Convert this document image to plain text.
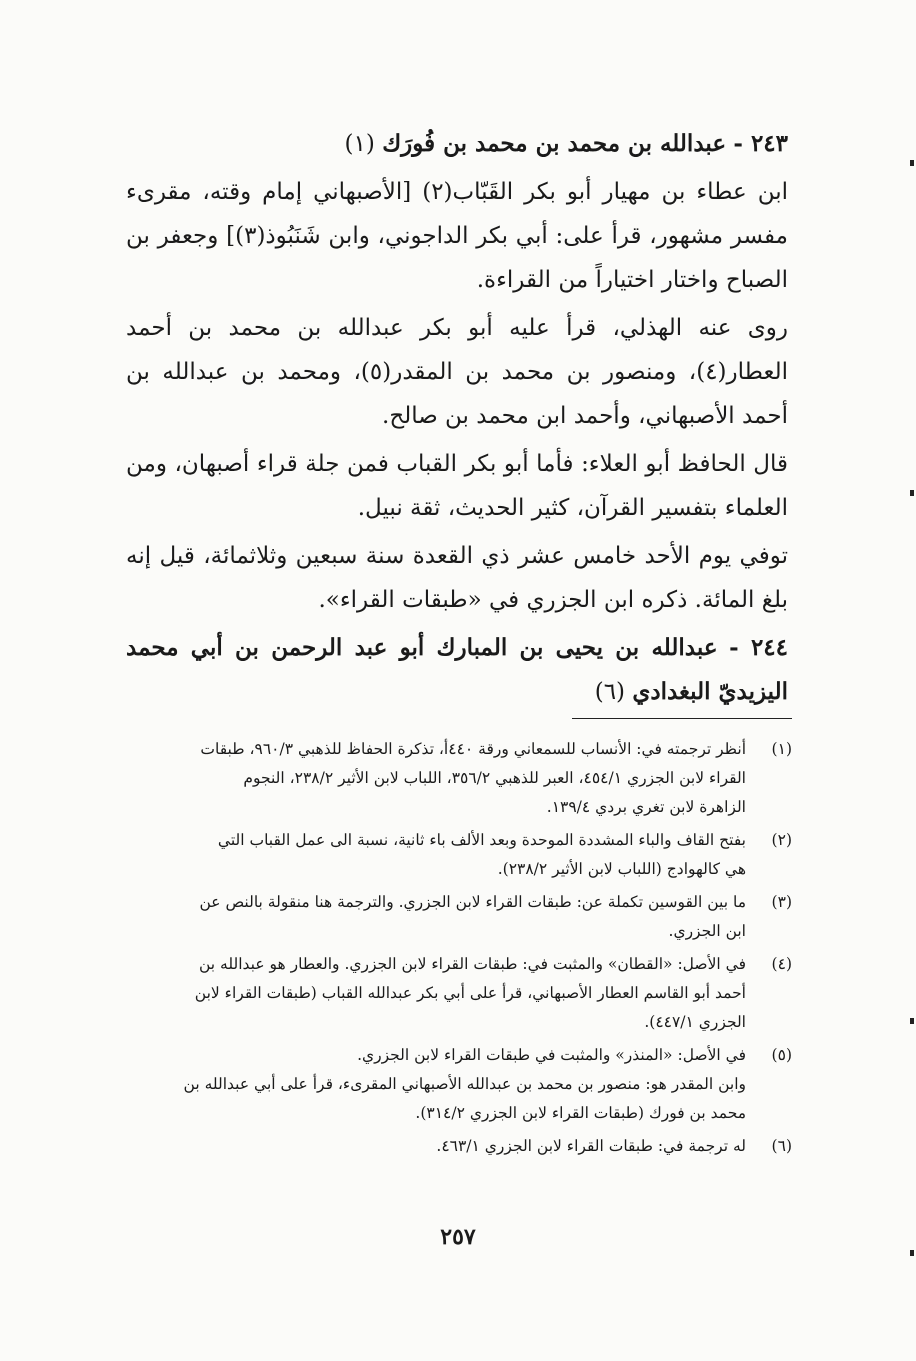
٢٤٣ - عبدالله بن محمد بن محمد بن فُورَك (١)

ابن عطاء بن مهيار أبو بكر القَبّاب(٢) [الأصبهاني إمام وقته، مقرىء مفسر مشهور، قرأ على: أبي بكر الداجوني، وابن شَنَبُوذ(٣)] وجعفر بن الصباح واختار اختياراً من القراءة.

روى عنه الهذلي، قرأ عليه أبو بكر عبدالله بن محمد بن أحمد العطار(٤)، ومنصور بن محمد بن المقدر(٥)، ومحمد بن عبدالله بن أحمد الأصبهاني، وأحمد ابن محمد بن صالح.

قال الحافظ أبو العلاء: فأما أبو بكر القباب فمن جلة قراء أصبهان، ومن العلماء بتفسير القرآن، كثير الحديث، ثقة نبيل.

توفي يوم الأحد خامس عشر ذي القعدة سنة سبعين وثلاثمائة، قيل إنه بلغ المائة. ذكره ابن الجزري في «طبقات القراء».

٢٤٤ - عبدالله بن يحيى بن المبارك أبو عبد الرحمن بن أبي محمد اليزيديّ البغدادي (٦)

(١)
أنظر ترجمته في: الأنساب للسمعاني ورقة ٤٤٠أ، تذكرة الحفاظ للذهبي ٩٦٠/٣، طبقات
القراء لابن الجزري ٤٥٤/١، العبر للذهبي ٣٥٦/٢، اللباب لابن الأثير ٢٣٨/٢، النجوم
الزاهرة لابن تغري بردي ١٣٩/٤.
(٢)
بفتح القاف والباء المشددة الموحدة وبعد الألف باء ثانية، نسبة الى عمل القباب التي
هي كالهوادج (اللباب لابن الأثير ٢٣٨/٢).
(٣)
ما بين القوسين تكملة عن: طبقات القراء لابن الجزري. والترجمة هنا منقولة بالنص عن
ابن الجزري.
(٤)
في الأصل: «القطان» والمثبت في: طبقات القراء لابن الجزري. والعطار هو عبدالله بن
أحمد أبو القاسم العطار الأصبهاني، قرأ على أبي بكر عبدالله القباب (طبقات القراء لابن
الجزري ٤٤٧/١).
(٥)
في الأصل: «المنذر» والمثبت في طبقات القراء لابن الجزري.
وابن المقدر هو: منصور بن محمد بن عبدالله الأصبهاني المقرىء، قرأ على أبي عبدالله بن
محمد بن فورك (طبقات القراء لابن الجزري ٣١٤/٢).
(٦)
له ترجمة في: طبقات القراء لابن الجزري ٤٦٣/١.
٢٥٧
